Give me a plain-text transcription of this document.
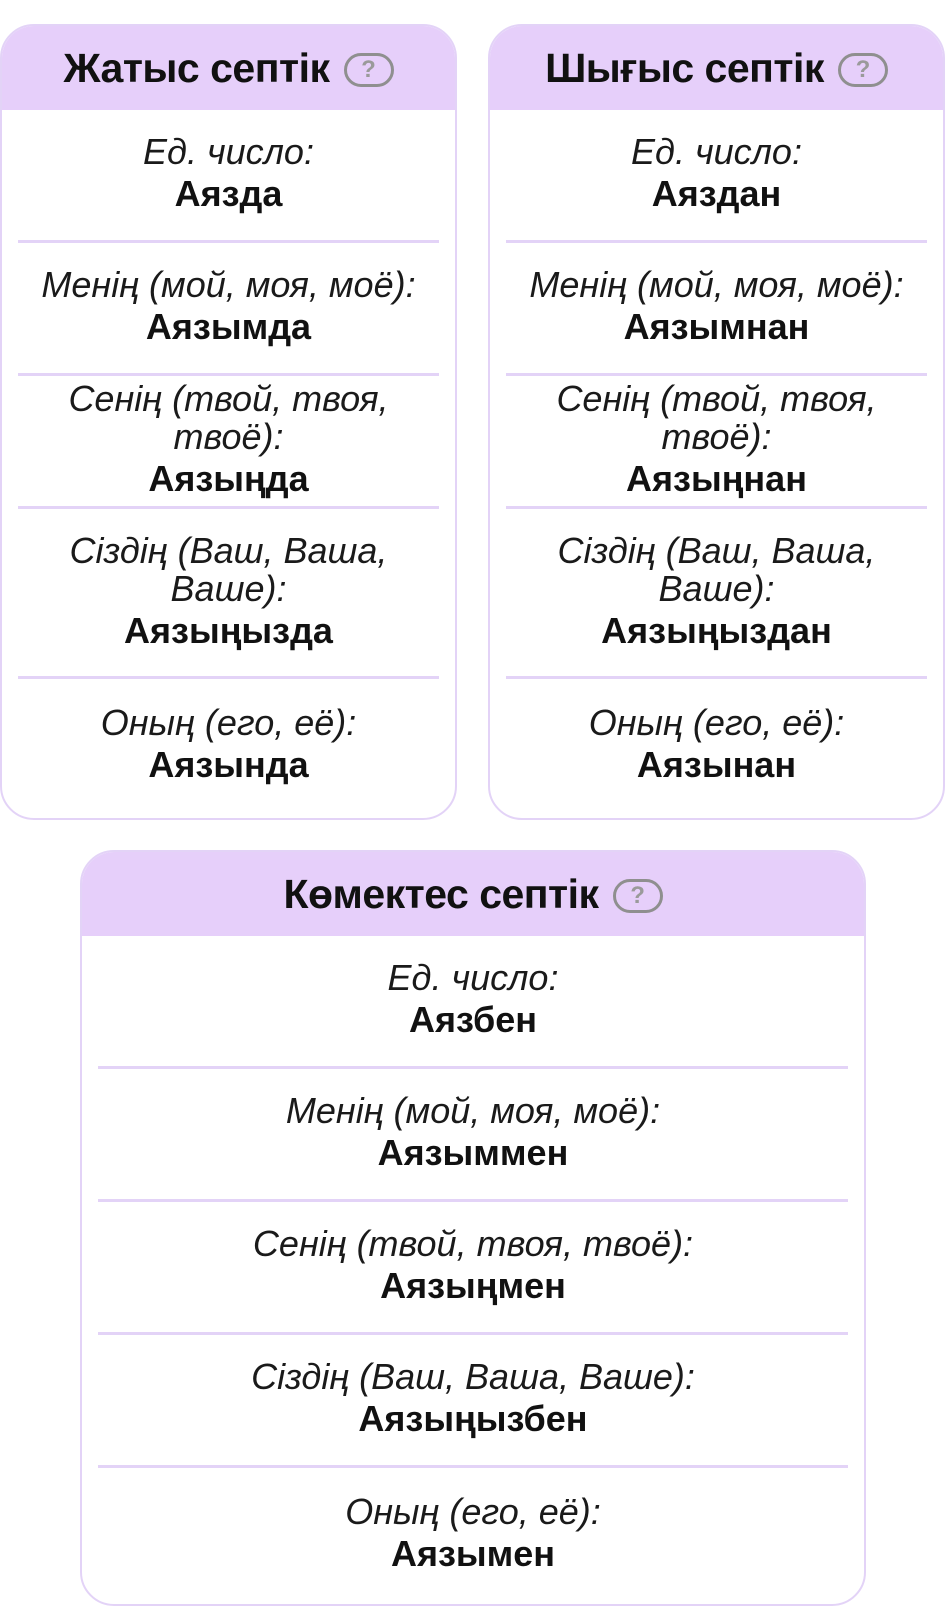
Жатыс септік	?
Ед. число:
Аязда
Менің (мой, моя, моё):
Аязымда
Сенің (твой, твоя, твоё):
Аязыңда
Сіздің (Ваш, Ваша, Ваше):
Аязыңызда
Оның (его, её):
Аязында
Шығыс септік	?
Ед. число:
Аяздан
Менің (мой, моя, моё):
Аязымнан
Сенің (твой, твоя, твоё):
Аязыңнан
Сіздің (Ваш, Ваша, Ваше):
Аязыңыздан
Оның (его, её):
Аязынан
Көмектес септік	?
Ед. число:
Аязбен
Менің (мой, моя, моё):
Аязыммен
Сенің (твой, твоя, твоё):
Аязыңмен
Сіздің (Ваш, Ваша, Ваше):
Аязыңызбен
Оның (его, её):
Аязымен
